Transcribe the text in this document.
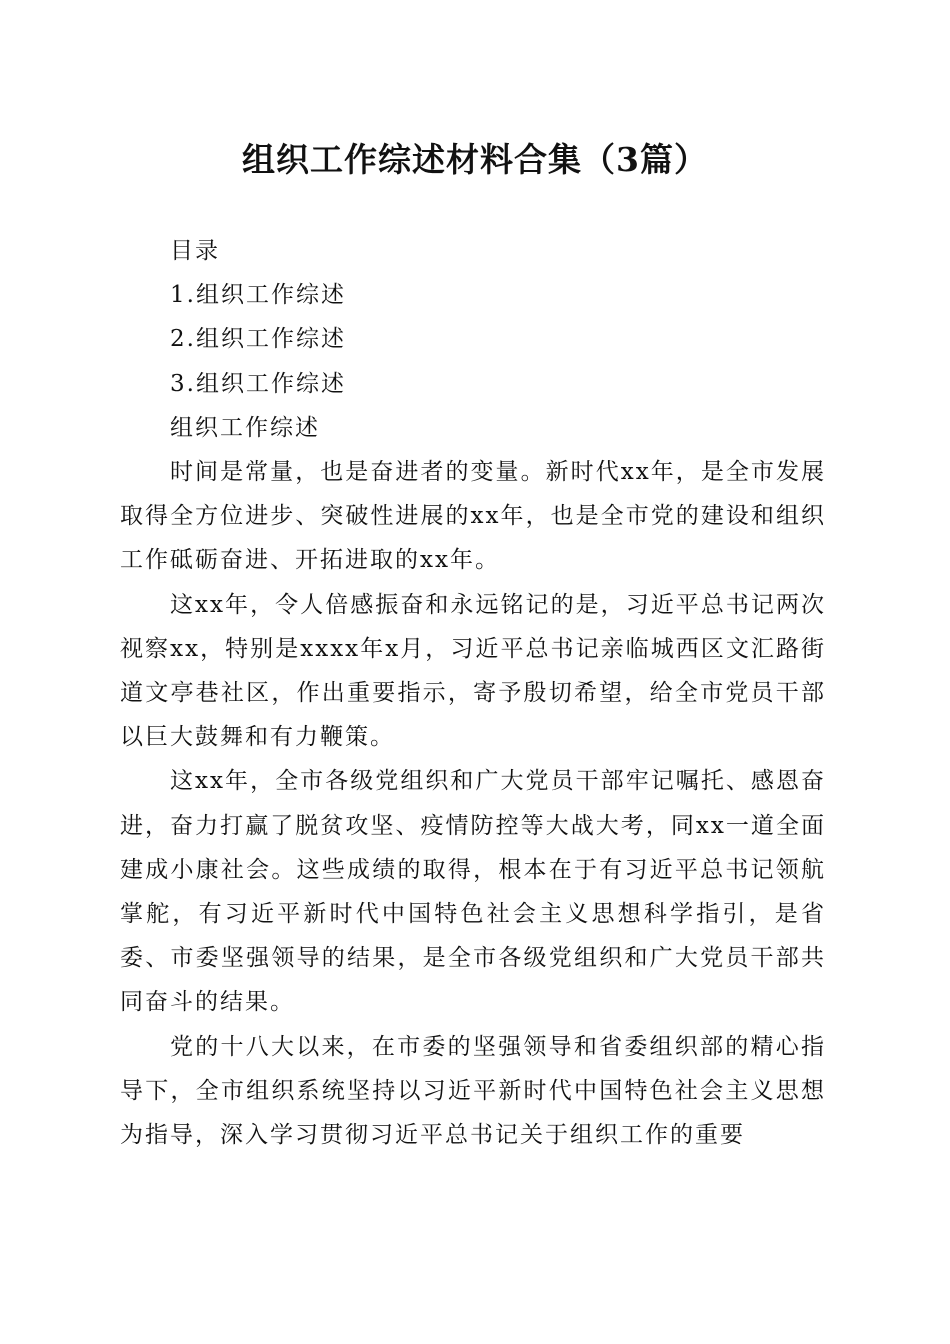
组织工作综述材料合集（3篇）

目录

1.组织工作综述

2.组织工作综述

3.组织工作综述

组织工作综述

时间是常量，也是奋进者的变量。新时代xx年，是全市发展取得全方位进步、突破性进展的xx年，也是全市党的建设和组织工作砥砺奋进、开拓进取的xx年。

这xx年，令人倍感振奋和永远铭记的是，习近平总书记两次视察xx，特别是xxxx年x月，习近平总书记亲临城西区文汇路街道文亭巷社区，作出重要指示，寄予殷切希望，给全市党员干部以巨大鼓舞和有力鞭策。

这xx年，全市各级党组织和广大党员干部牢记嘱托、感恩奋进，奋力打赢了脱贫攻坚、疫情防控等大战大考，同xx一道全面建成小康社会。这些成绩的取得，根本在于有习近平总书记领航掌舵，有习近平新时代中国特色社会主义思想科学指引，是省委、市委坚强领导的结果，是全市各级党组织和广大党员干部共同奋斗的结果。

党的十八大以来，在市委的坚强领导和省委组织部的精心指导下，全市组织系统坚持以习近平新时代中国特色社会主义思想为指导，深入学习贯彻习近平总书记关于组织工作的重要
